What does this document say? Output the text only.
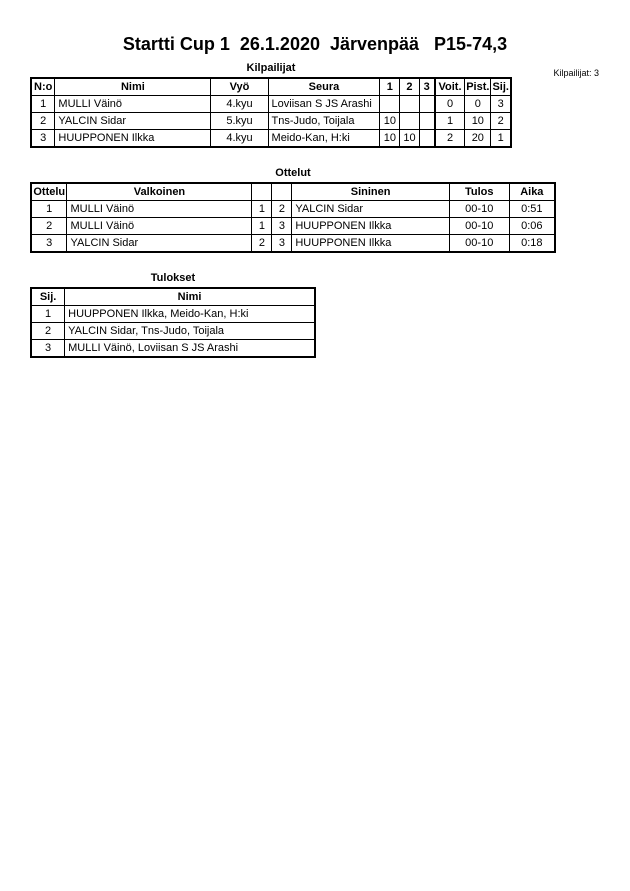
Startti Cup 1  26.1.2020  Järvenpää   P15-74,3
Kilpailijat: 3
Kilpailijat
N:o	Nimi	Vyö	Seura	1	2	3	Voit.	Pist.	Sij.
1	MULLI Väinö	4.kyu	Loviisan S JS Arashi				0	0	3
2	YALCIN Sidar	5.kyu	Tns-Judo, Toijala	10			1	10	2
3	HUUPPONEN Ilkka	4.kyu	Meido-Kan, H:ki	10	10		2	20	1
Ottelut
Ottelu	Valkoinen			Sininen	Tulos	Aika
1	MULLI Väinö	1	2	YALCIN Sidar	00-10	0:51
2	MULLI Väinö	1	3	HUUPPONEN Ilkka	00-10	0:06
3	YALCIN Sidar	2	3	HUUPPONEN Ilkka	00-10	0:18
Tulokset
Sij.	Nimi
1	HUUPPONEN Ilkka, Meido-Kan, H:ki
2	YALCIN Sidar, Tns-Judo, Toijala
3	MULLI Väinö, Loviisan S JS Arashi
